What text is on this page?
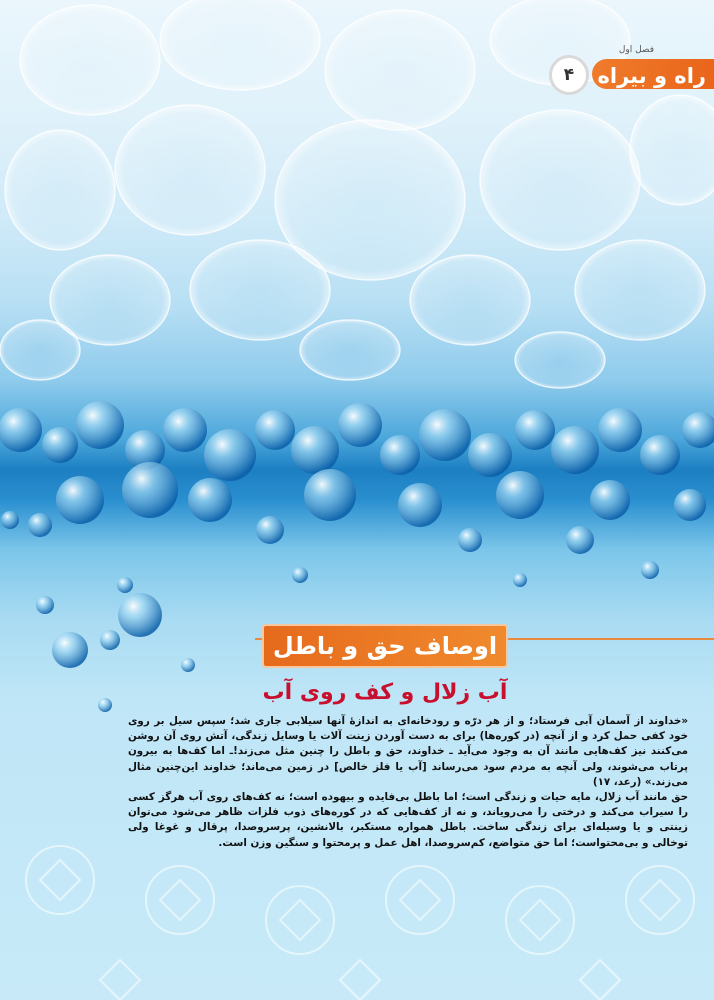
راه و بیراه
فصل اول
۴
اوصاف حق و باطل
آب زلال و کف روی آب

«خداوند از آسمان آبی فرستاد؛ و از هر درّه و رودخانه‌ای به اندازهٔ آنها سیلابی جاری شد؛ سپس سیل بر روی خود کفی حمل کرد و از آنچه (در کوره‌ها) برای به دست آوردن زینت آلات یا وسایل زندگی، آتش روی آن روشن می‌کنند نیز کف‌هایی مانند آن به وجود می‌آید ـ خداوند، حق و باطل را چنین مثل می‌زند!ـ اما کف‌ها به بیرون پرتاب می‌شوند، ولی آنچه به مردم سود می‌رساند [آب یا فلز خالص] در زمین می‌ماند؛ خداوند این‌چنین مثال می‌زند.» (رعد، ۱۷)

حق مانند آب زلال، مایه حیات و زندگی است؛ اما باطل بی‌فایده و بیهوده است؛ نه کف‌های روی آب هرگز کسی را سیراب می‌کند و درختی را می‌رویاند، و نه از کف‌هایی که در کوره‌های ذوب فلزات ظاهر می‌شود می‌توان زینتی و یا وسیله‌ای برای زندگی ساخت. باطل همواره مستکبر، بالانشین، پرسروصدا، پرقال و غوغا ولی توخالی و بی‌محتواست؛ اما حق متواضع، کم‌سروصدا، اهل عمل و پرمحتوا و سنگین وزن است.
